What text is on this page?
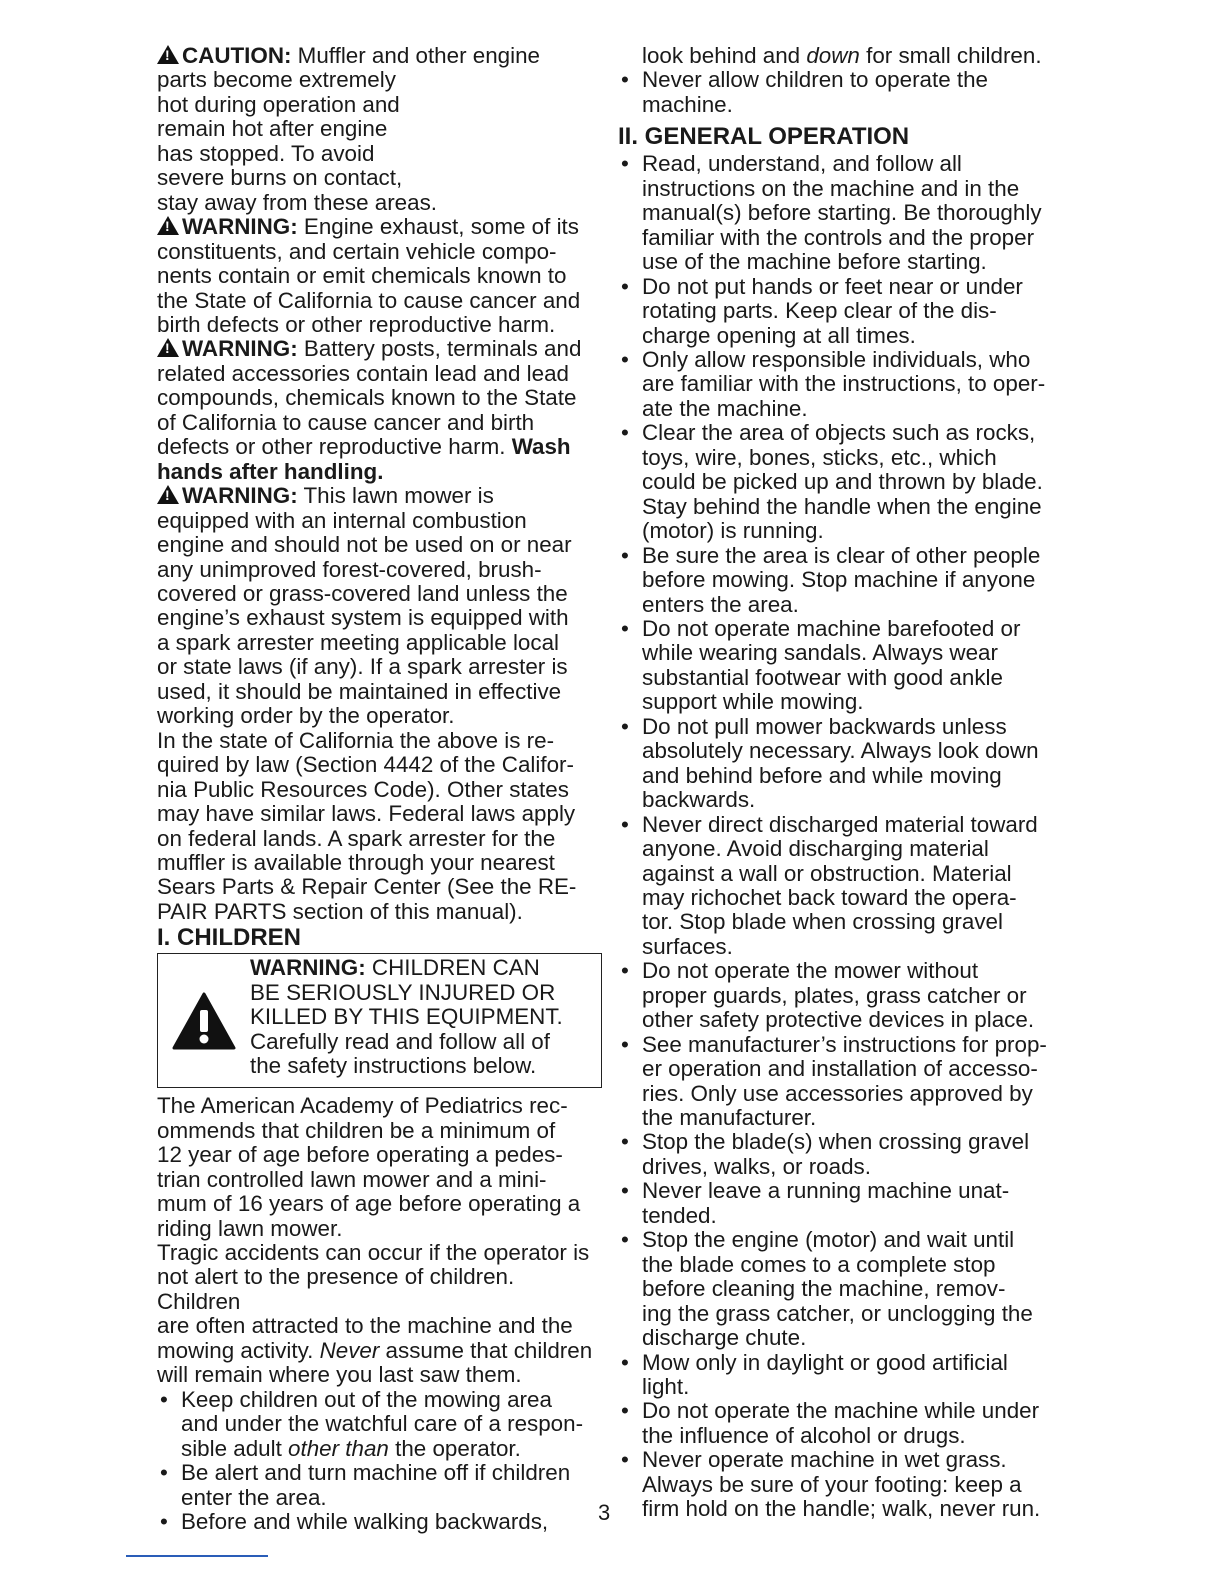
!CAUTION: Muffler and other engine
parts become extremely
hot during operation and
remain hot after engine
has stopped. To avoid
severe burns on contact,
stay away from these areas.

!WARNING: Engine exhaust, some of its
constituents, and certain vehicle compo-
nents contain or emit chemicals known to
the State of California to cause cancer and
birth defects or other reproductive harm.

!WARNING: Battery posts, terminals and
related accessories contain lead and lead
compounds, chemicals known to the State
of California to cause cancer and birth
defects or other reproductive harm. Wash
hands after handling.

!WARNING: This lawn mower is
equipped with an internal combustion
engine and should not be used on or near
any unimproved forest-covered, brush-
covered or grass-covered land unless the
engine’s exhaust system is equipped with
a spark arrester meeting applicable local
or state laws (if any). If a spark arrester is
used, it should be maintained in effective
working order by the operator.

In the state of California the above is re-
quired by law (Section 4442 of the Califor-
nia Public Resources Code). Other states
may have similar laws. Federal laws apply
on federal lands. A spark arrester for the
muffler is available through your nearest
Sears Parts & Repair Center (See the RE-
PAIR PARTS section of this manual).

I. CHILDREN

WARNING: CHILDREN CAN
BE SERIOUSLY INJURED OR
KILLED BY THIS EQUIPMENT.
Carefully read and follow all of
the safety instructions below.

The American Academy of Pediatrics rec-
ommends that children be a minimum of
12 year of age before operating a pedes-
trian controlled lawn mower and a mini-
mum of 16 years of age before operating a
riding lawn mower.

Tragic accidents can occur if the operator is
not alert to the presence of children. Children
are often attracted to the machine and the
mowing activity. Never assume that children
will remain where you last saw them.

• Keep children out of the mowing area
and under the watchful care of a respon-
sible adult other than the operator.
• Be alert and turn machine off if children
enter the area.
• Before and while walking backwards,
look behind and down for small children.
• Never allow children to operate the
machine.

II. GENERAL OPERATION

• Read, understand, and follow all
instructions on the machine and in the
manual(s) before starting. Be thoroughly
familiar with the controls and the proper
use of the machine before starting.
• Do not put hands or feet near or under
rotating parts. Keep clear of the dis-
charge opening at all times.
• Only allow responsible individuals, who
are familiar with the instructions, to oper-
ate the machine.
• Clear the area of objects such as rocks,
toys, wire, bones, sticks, etc., which
could be picked up and thrown by blade.
Stay behind the handle when the engine
(motor) is running.
• Be sure the area is clear of other people
before mowing. Stop machine if anyone
enters the area.
• Do not operate machine barefooted or
while wearing sandals. Always wear
substantial footwear with good ankle
support while mowing.
• Do not pull mower backwards unless
absolutely necessary. Always look down
and behind before and while moving
backwards.
• Never direct discharged material toward
anyone. Avoid discharging material
against a wall or obstruction. Material
may richochet back toward the opera-
tor. Stop blade when crossing gravel
surfaces.
• Do not operate the mower without
proper guards, plates, grass catcher or
other safety protective devices in place.
• See manufacturer’s instructions for prop-
er operation and installation of accesso-
ries. Only use accessories approved by
the manufacturer.
• Stop the blade(s) when crossing gravel
drives, walks, or roads.
• Never leave a running machine unat-
tended.
• Stop the engine (motor) and wait until
the blade comes to a complete stop
before cleaning the machine, remov-
ing the grass catcher, or unclogging the
discharge chute.
• Mow only in daylight or good artificial
light.
• Do not operate the machine while under
the influence of alcohol or drugs.
• Never operate machine in wet grass.
Always be sure of your footing: keep a
firm hold on the handle; walk, never run.
3
